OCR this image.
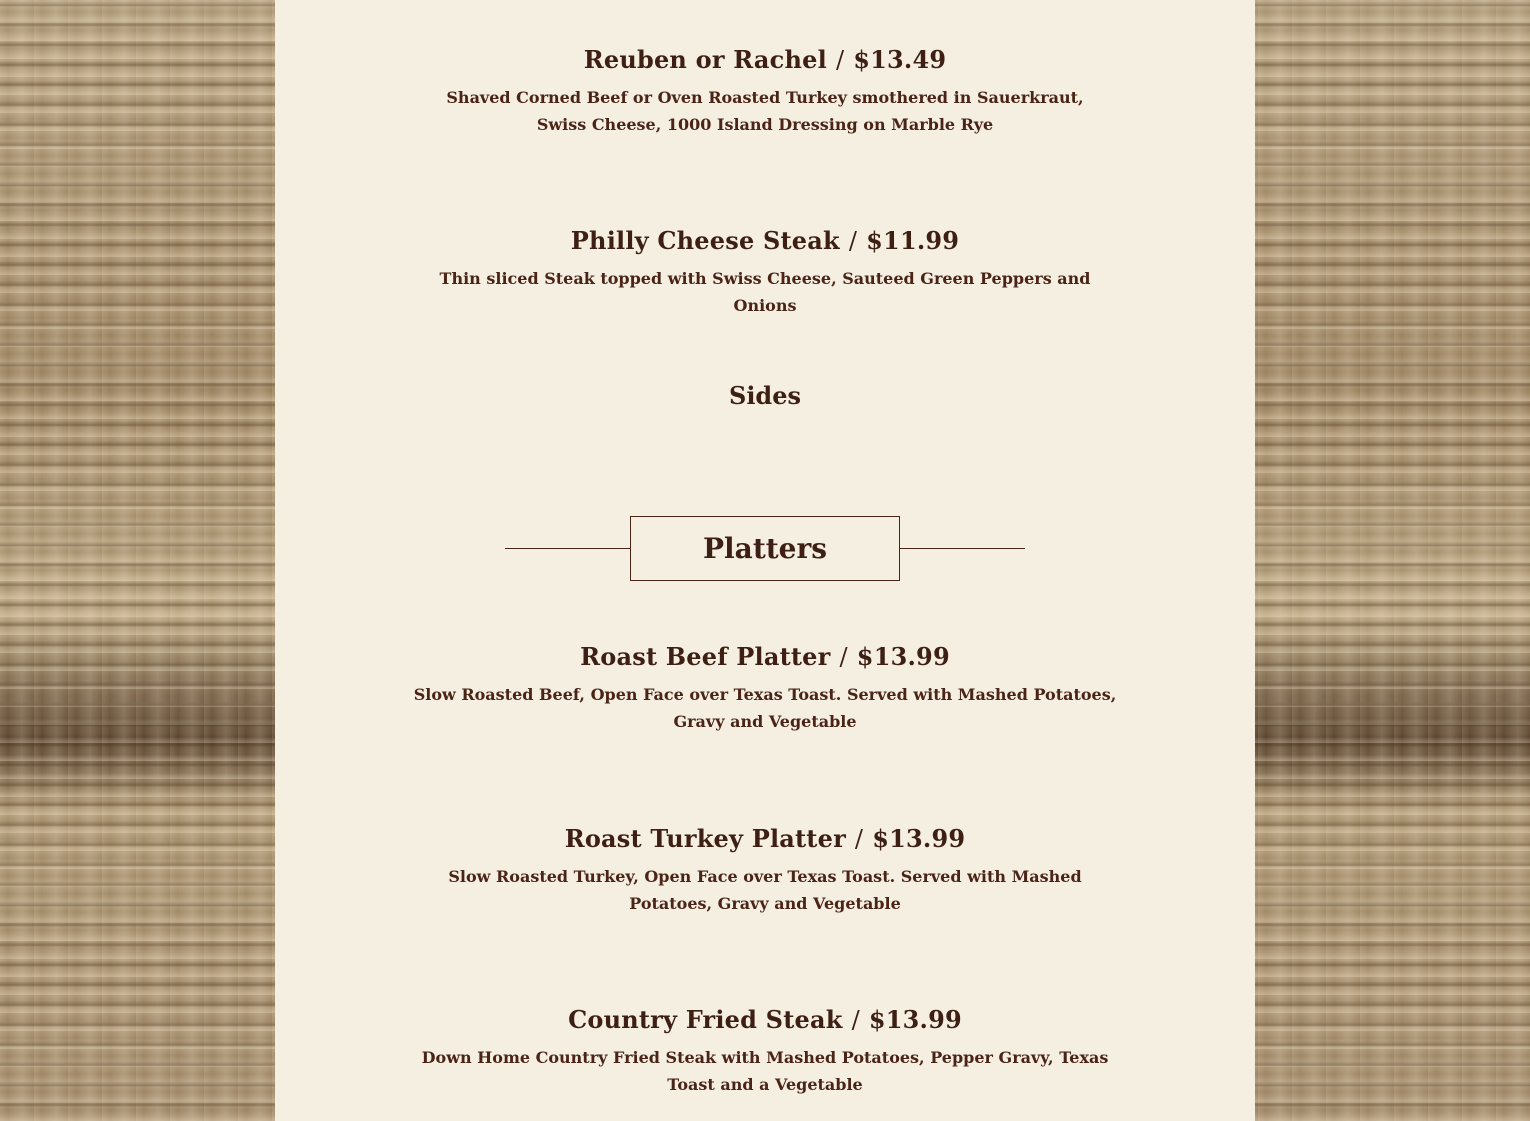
Reuben or Rachel / $13.49
Shaved Corned Beef or Oven Roasted Turkey smothered in Sauerkraut, Swiss Cheese, 1000 Island Dressing on Marble Rye
Philly Cheese Steak / $11.99
Thin sliced Steak topped with Swiss Cheese, Sauteed Green Peppers and Onions
Sides
Platters
Roast Beef Platter / $13.99
Slow Roasted Beef, Open Face over Texas Toast. Served with Mashed Potatoes, Gravy and Vegetable
Roast Turkey Platter / $13.99
Slow Roasted Turkey, Open Face over Texas Toast. Served with Mashed Potatoes, Gravy and Vegetable
Country Fried Steak / $13.99
Down Home Country Fried Steak with Mashed Potatoes, Pepper Gravy, Texas Toast and a Vegetable
